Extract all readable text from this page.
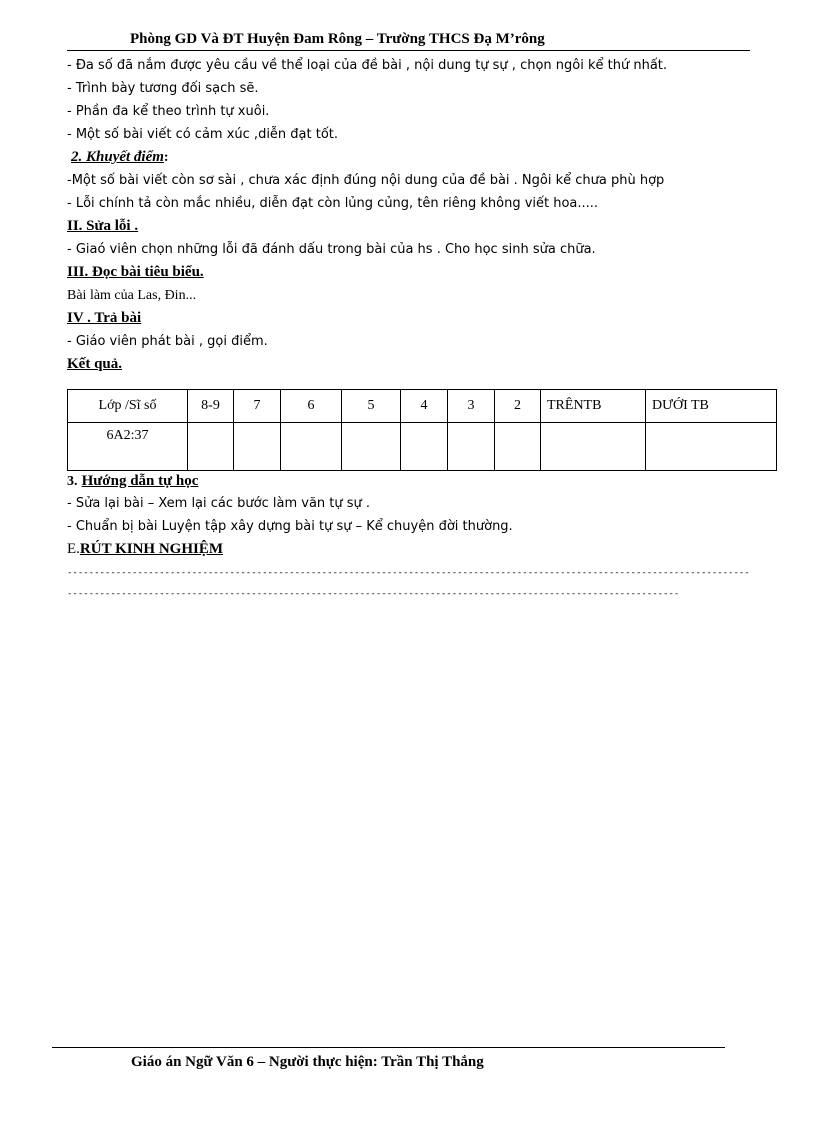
Phòng GD Và ĐT Huyện Đam Rông – Trường THCS Đạ M’rông
- Đa số đã nắm được yêu cầu về thể loại của đề bài , nội dung tự sự , chọn ngôi kể thứ nhất.
- Trình bày tương đối sạch sẽ.
- Phần đa kể theo trình tự xuôi.
- Một số bài viết có cảm xúc ,diễn đạt tốt.
2. Khuyết điểm:
-Một số bài viết còn sơ sài , chưa xác định đúng nội dung của đề bài . Ngôi kể chưa phù hợp
- Lỗi chính tả còn mắc nhiều, diễn đạt còn lủng củng, tên riêng không viết hoa.....
II. Sửa lỗi .
- Giaó viên chọn những lỗi đã đánh dấu trong bài của hs . Cho học sinh sửa chữa.
III. Đọc bài tiêu biểu.
Bài làm của Las, Đin...
IV . Trả bài
- Giáo viên phát bài , gọi điểm.
Kết quả.
Lớp /Sĩ số	8-9	7	6	5	4	3	2	TRÊNTB	DƯỚI TB
6A2:37									
3. Hướng dẫn tự học
- Sửa lại bài – Xem lại các bước làm văn tự sự .
- Chuẩn bị bài Luyện tập xây dựng bài tự sự – Kể chuyện đời thường.
E.RÚT KINH NGHIỆM
------------------------------------------------------------------------------------------------------------------------------
-----------------------------------------------------------------------------------------------------------------
Giáo án Ngữ Văn 6 – Người thực hiện: Trần Thị Thắng
